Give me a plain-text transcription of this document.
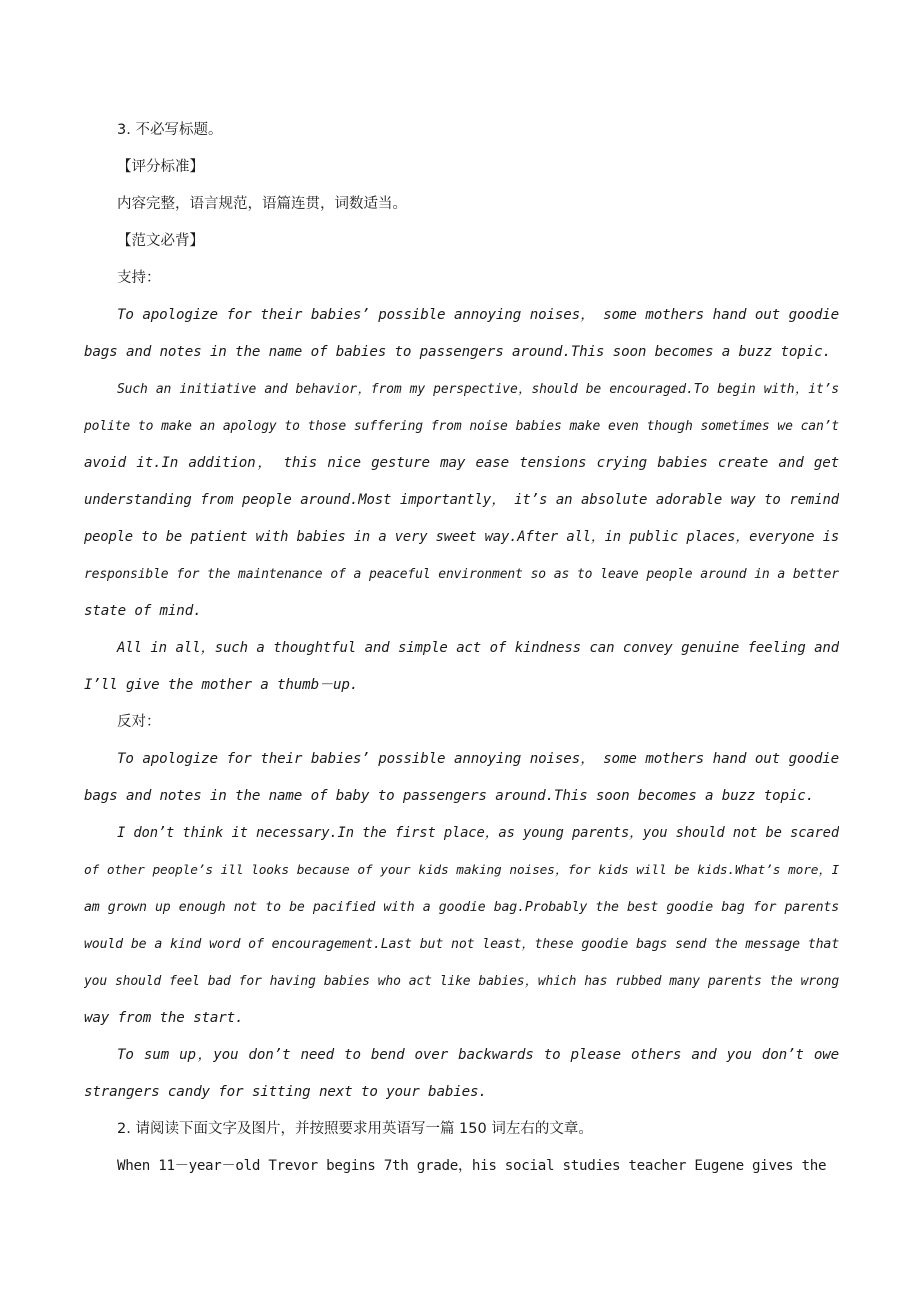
3. 不必写标题。
【评分标准】
内容完整，语言规范，语篇连贯，词数适当。
【范文必背】
支持：
To apologize for their babies’ possible annoying noises， some mothers hand out goodie
bags and notes in the name of babies to passengers around.This soon becomes a buzz topic.
Such an initiative and behavior，from my perspective，should be encouraged.To begin with，it’s
polite to make an apology to those suffering from noise babies make even though sometimes we can’t
avoid it.In addition， this nice gesture may ease tensions crying babies create and get
understanding from people around.Most importantly， it’s an absolute adorable way to remind
people to be patient with babies in a very sweet way.After all，in public places，everyone is
responsible for the maintenance of a peaceful environment so as to leave people around in a better
state of mind.
All in all，such a thoughtful and simple act of kindness can convey genuine feeling and
I’ll give the mother a thumb－up.
反对：
To apologize for their babies’ possible annoying noises， some mothers hand out goodie
bags and notes in the name of baby to passengers around.This soon becomes a buzz topic.
I don’t think it necessary.In the first place，as young parents，you should not be scared
of other people’s ill looks because of your kids making noises，for kids will be kids.What’s more，I
am grown up enough not to be pacified with a goodie bag.Probably the best goodie bag for parents
would be a kind word of encouragement.Last but not least，these goodie bags send the message that
you should feel bad for having babies who act like babies，which has rubbed many parents the wrong
way from the start.
To sum up，you don’t need to bend over backwards to please others and you don’t owe
strangers candy for sitting next to your babies.
2. 请阅读下面文字及图片，并按照要求用英语写一篇 150 词左右的文章。
When 11－year－old Trevor begins 7th grade，his social studies teacher Eugene gives the
